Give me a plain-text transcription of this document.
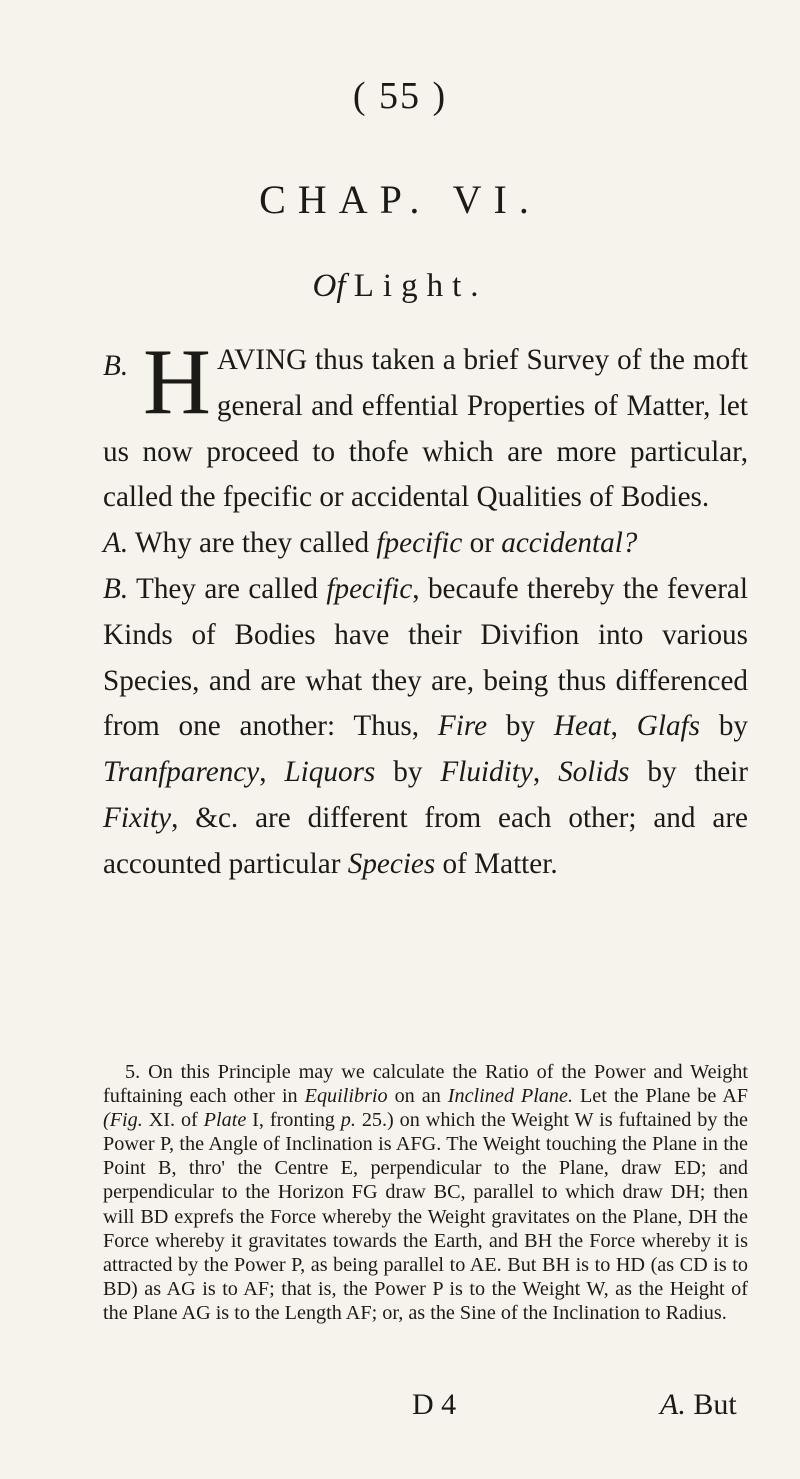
( 55 )
CHAP. VI.
Of Light.

B. H AVING thus taken a brief Survey of the moft general and effential Properties of Matter, let us now proceed to thofe which are more particular, called the fpecific or accidental Qualities of Bodies.

A. Why are they called fpecific or accidental?

B. They are called fpecific, becaufe thereby the feveral Kinds of Bodies have their Divifion into various Species, and are what they are, being thus differenced from one another: Thus, Fire by Heat, Glafs by Tranfparency, Liquors by Fluidity, Solids by their Fixity, &c. are different from each other; and are accounted particular Species of Matter.

5. On this Principle may we calculate the Ratio of the Power and Weight fuftaining each other in Equilibrio on an Inclined Plane. Let the Plane be AF (Fig. XI. of Plate I, fronting p. 25.) on which the Weight W is fuftained by the Power P, the Angle of Inclination is AFG. The Weight touching the Plane in the Point B, thro' the Centre E, perpendicular to the Plane, draw ED; and perpendicular to the Horizon FG draw BC, parallel to which draw DH; then will BD exprefs the Force whereby the Weight gravitates on the Plane, DH the Force whereby it gravitates towards the Earth, and BH the Force whereby it is attracted by the Power P, as being parallel to AE. But BH is to HD (as CD is to BD) as AG is to AF; that is, the Power P is to the Weight W, as the Height of the Plane AG is to the Length AF; or, as the Sine of the Inclination to Radius.

D 4	A. But
